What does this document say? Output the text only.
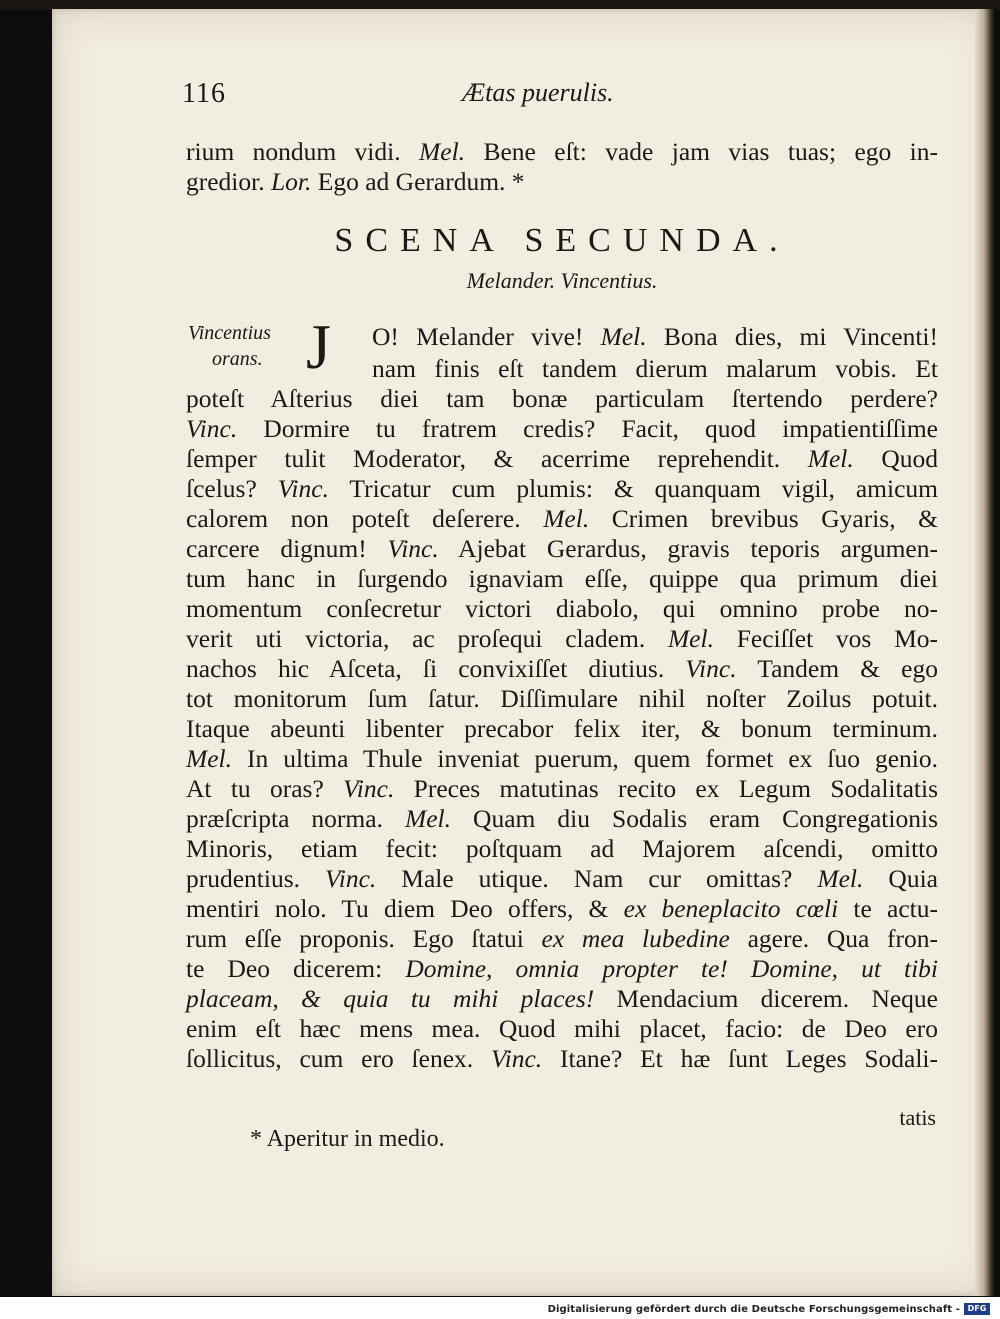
116	Ætas puerulis.
SCENA SECUNDA.
Melander. Vincentius.
Vincentius
orans. J
rium nondum vidi. Mel. Bene eſt: vade jam vias tuas; ego in-
gredior. Lor. Ego ad Gerardum. *
O! Melander vive! Mel. Bona dies, mi Vincenti!
nam finis eſt tandem dierum malarum vobis. Et
poteſt Aſterius diei tam bonæ particulam ſtertendo perdere?
Vinc. Dormire tu fratrem credis? Facit, quod impatientiſſime
ſemper tulit Moderator, & acerrime reprehendit. Mel. Quod
ſcelus? Vinc. Tricatur cum plumis: & quanquam vigil, amicum
calorem non poteſt deſerere. Mel. Crimen brevibus Gyaris, &
carcere dignum! Vinc. Ajebat Gerardus, gravis teporis argumen-
tum hanc in ſurgendo ignaviam eſſe, quippe qua primum diei
momentum conſecretur victori diabolo, qui omnino probe no-
verit uti victoria, ac proſequi cladem. Mel. Feciſſet vos Mo-
nachos hic Aſceta, ſi convixiſſet diutius. Vinc. Tandem & ego
tot monitorum ſum ſatur. Diſſimulare nihil noſter Zoilus potuit.
Itaque abeunti libenter precabor felix iter, & bonum terminum.
Mel. In ultima Thule inveniat puerum, quem formet ex ſuo genio.
At tu oras? Vinc. Preces matutinas recito ex Legum Sodalitatis
præſcripta norma. Mel. Quam diu Sodalis eram Congregationis
Minoris, etiam fecit: poſtquam ad Majorem aſcendi, omitto
prudentius. Vinc. Male utique. Nam cur omittas? Mel. Quia
mentiri nolo. Tu diem Deo offers, & ex beneplacito cœli te actu-
rum eſſe proponis. Ego ſtatui ex mea lubedine agere. Qua fron-
te Deo dicerem: Domine, omnia propter te! Domine, ut tibi
placeam, & quia tu mihi places! Mendacium dicerem. Neque
enim eſt hæc mens mea. Quod mihi placet, facio: de Deo ero
ſollicitus, cum ero ſenex. Vinc. Itane? Et hæ ſunt Leges Sodali-
tatis
* Aperitur in medio.
Digitalisierung gefördert durch die Deutsche Forschungsgemeinschaft - DFG
